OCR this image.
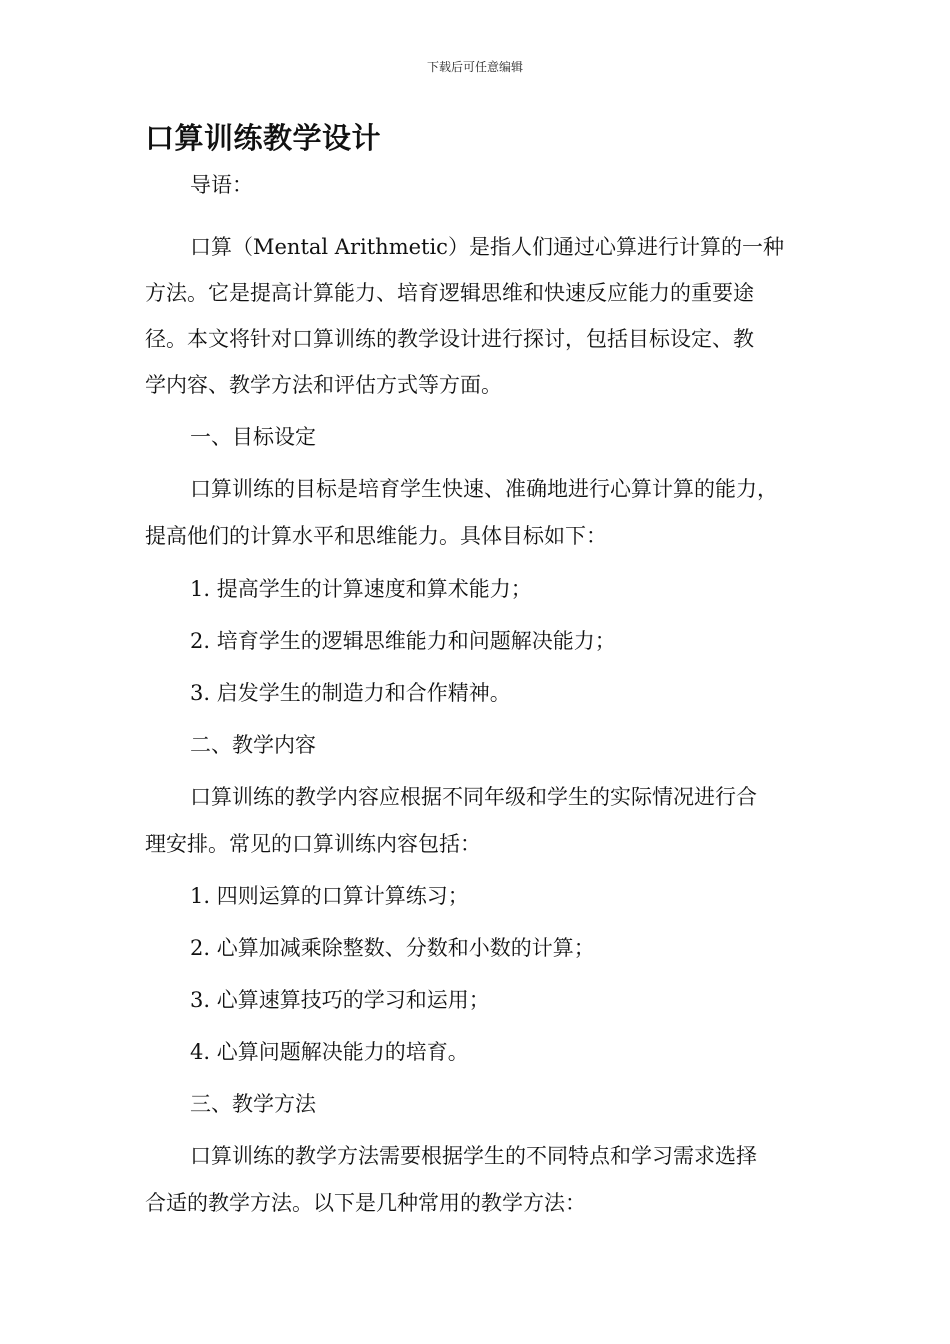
下载后可任意编辑
口算训练教学设计
导语：
口算（Mental Arithmetic）是指人们通过心算进行计算的一种
方法。它是提高计算能力、培育逻辑思维和快速反应能力的重要途
径。本文将针对口算训练的教学设计进行探讨，包括目标设定、教
学内容、教学方法和评估方式等方面。
一、目标设定
口算训练的目标是培育学生快速、准确地进行心算计算的能力，
提高他们的计算水平和思维能力。具体目标如下：
1. 提高学生的计算速度和算术能力；
2. 培育学生的逻辑思维能力和问题解决能力；
3. 启发学生的制造力和合作精神。
二、教学内容
口算训练的教学内容应根据不同年级和学生的实际情况进行合
理安排。常见的口算训练内容包括：
1. 四则运算的口算计算练习；
2. 心算加减乘除整数、分数和小数的计算；
3. 心算速算技巧的学习和运用；
4. 心算问题解决能力的培育。
三、教学方法
口算训练的教学方法需要根据学生的不同特点和学习需求选择
合适的教学方法。以下是几种常用的教学方法：
